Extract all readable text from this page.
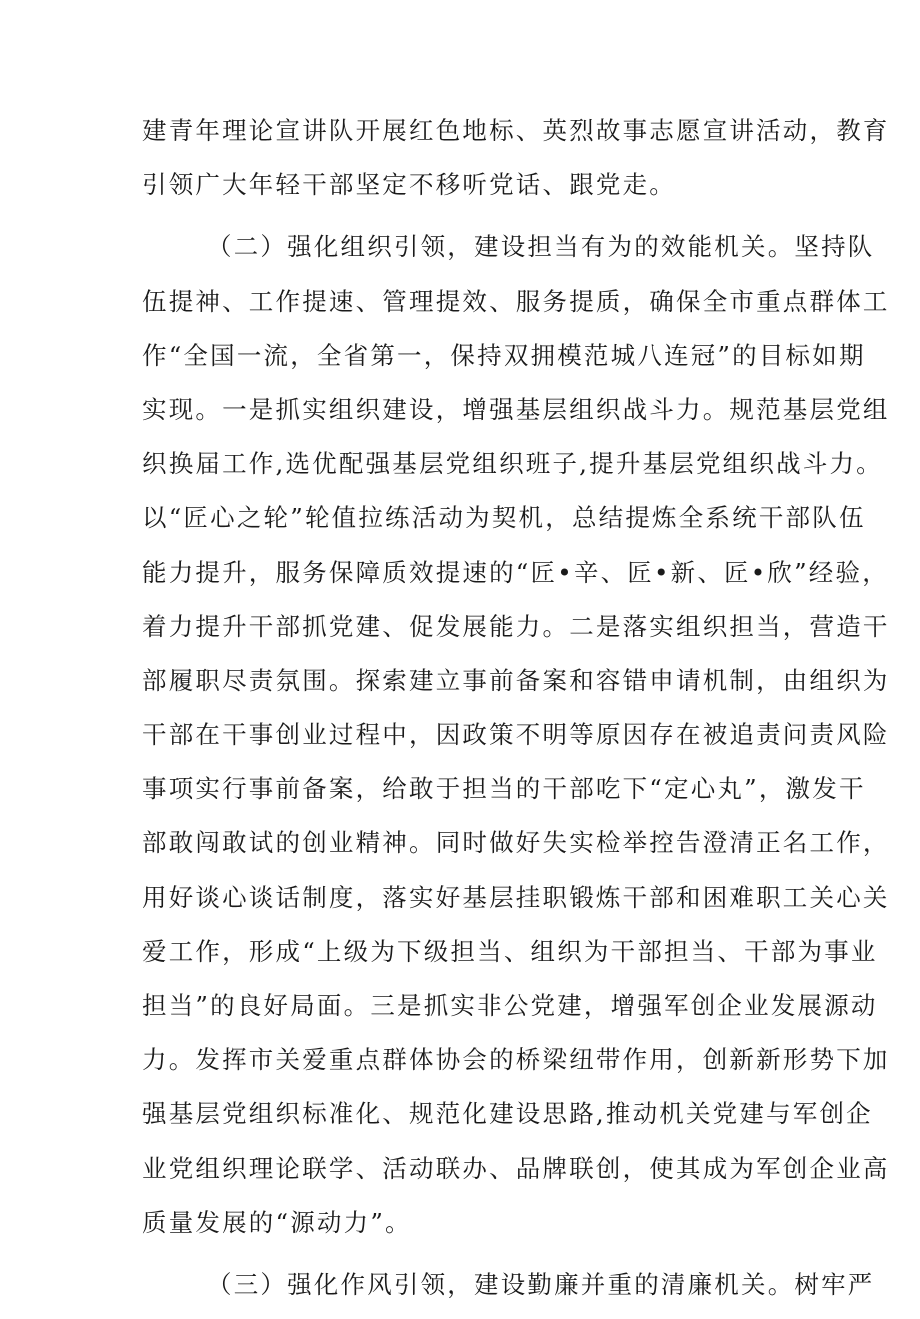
建青年理论宣讲队开展红色地标、英烈故事志愿宣讲活动，教育
引领广大年轻干部坚定不移听党话、跟党走。
（二）强化组织引领，建设担当有为的效能机关。坚持队
伍提神、工作提速、管理提效、服务提质，确保全市重点群体工
作“全国一流，全省第一，保持双拥模范城八连冠”的目标如期
实现。一是抓实组织建设，增强基层组织战斗力。规范基层党组
织换届工作,选优配强基层党组织班子,提升基层党组织战斗力。
以“匠心之轮”轮值拉练活动为契机，总结提炼全系统干部队伍
能力提升，服务保障质效提速的“匠•辛、匠•新、匠•欣”经验，
着力提升干部抓党建、促发展能力。二是落实组织担当，营造干
部履职尽责氛围。探索建立事前备案和容错申请机制，由组织为
干部在干事创业过程中，因政策不明等原因存在被追责问责风险
事项实行事前备案，给敢于担当的干部吃下“定心丸”，激发干
部敢闯敢试的创业精神。同时做好失实检举控告澄清正名工作，
用好谈心谈话制度，落实好基层挂职锻炼干部和困难职工关心关
爱工作，形成“上级为下级担当、组织为干部担当、干部为事业
担当”的良好局面。三是抓实非公党建，增强军创企业发展源动
力。发挥市关爱重点群体协会的桥梁纽带作用，创新新形势下加
强基层党组织标准化、规范化建设思路,推动机关党建与军创企
业党组织理论联学、活动联办、品牌联创，使其成为军创企业高
质量发展的“源动力”。
（三）强化作风引领，建设勤廉并重的清廉机关。树牢严
